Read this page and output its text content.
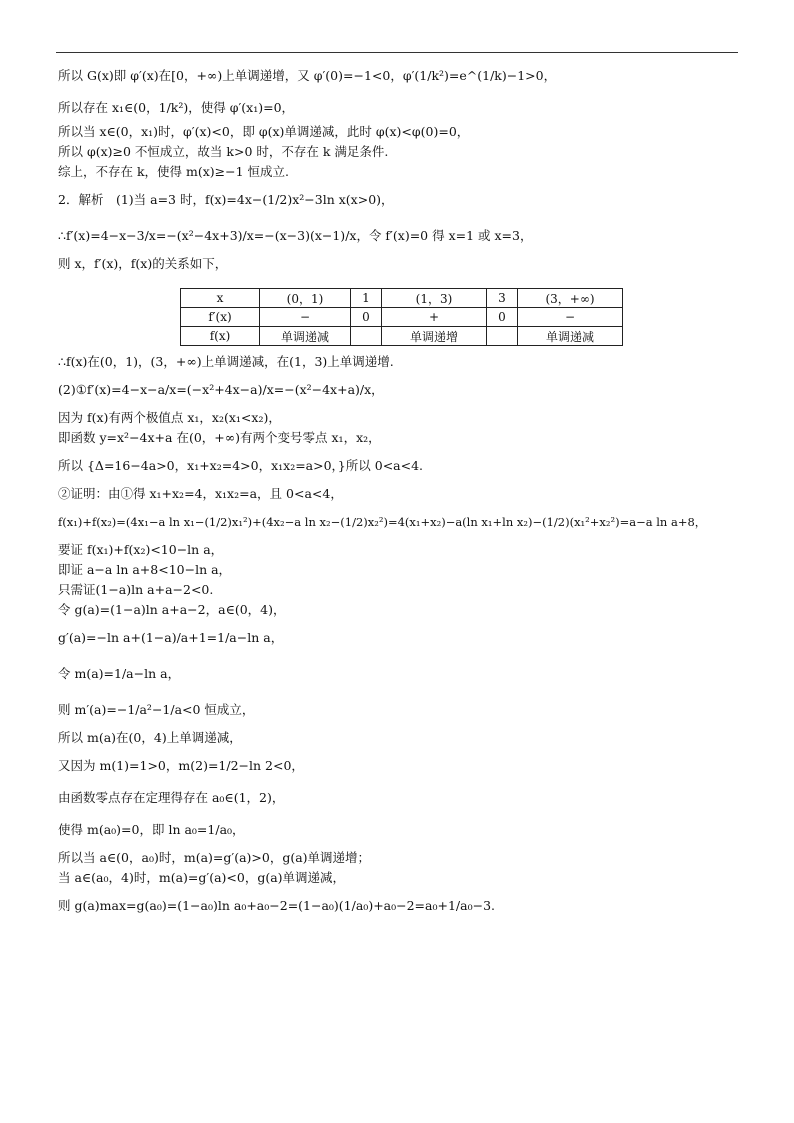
所以 G(x)即 φ′(x)在[0，+∞)上单调递增，又 φ′(0)=−1<0，φ′(1/k²)=e^(1/k)−1>0，
所以存在 x₁∈(0，1/k²)，使得 φ′(x₁)=0，
所以当 x∈(0，x₁)时，φ′(x)<0，即 φ(x)单调递减，此时 φ(x)<φ(0)=0，
所以 φ(x)≥0 不恒成立，故当 k>0 时，不存在 k 满足条件.
综上，不存在 k，使得 m(x)≥−1 恒成立.
2．解析　(1)当 a=3 时，f(x)=4x−(1/2)x²−3ln x(x>0)，
∴f′(x)=4−x−3/x=−(x²−4x+3)/x=−(x−3)(x−1)/x，令 f′(x)=0 得 x=1 或 x=3，
则 x，f′(x)，f(x)的关系如下，
x	(0，1)	1	(1，3)	3	(3，+∞)
f′(x)	−	0	+	0	−
f(x)	单调递减		单调递增		单调递减
∴f(x)在(0，1)，(3，+∞)上单调递减，在(1，3)上单调递增.
(2)①f′(x)=4−x−a/x=(−x²+4x−a)/x=−(x²−4x+a)/x，
因为 f(x)有两个极值点 x₁，x₂(x₁<x₂)，
即函数 y=x²−4x+a 在(0，+∞)有两个变号零点 x₁，x₂，
所以 {Δ=16−4a>0，x₁+x₂=4>0，x₁x₂=a>0，}所以 0<a<4.
②证明：由①得 x₁+x₂=4，x₁x₂=a，且 0<a<4，
f(x₁)+f(x₂)=(4x₁−a ln x₁−(1/2)x₁²)+(4x₂−a ln x₂−(1/2)x₂²)=4(x₁+x₂)−a(ln x₁+ln x₂)−(1/2)(x₁²+x₂²)=a−a ln a+8，
要证 f(x₁)+f(x₂)<10−ln a，
即证 a−a ln a+8<10−ln a，
只需证(1−a)ln a+a−2<0.
令 g(a)=(1−a)ln a+a−2，a∈(0，4)，
g′(a)=−ln a+(1−a)/a+1=1/a−ln a，
令 m(a)=1/a−ln a，
则 m′(a)=−1/a²−1/a<0 恒成立，
所以 m(a)在(0，4)上单调递减，
又因为 m(1)=1>0，m(2)=1/2−ln 2<0，
由函数零点存在定理得存在 a₀∈(1，2)，
使得 m(a₀)=0，即 ln a₀=1/a₀，
所以当 a∈(0，a₀)时，m(a)=g′(a)>0，g(a)单调递增；
当 a∈(a₀，4)时，m(a)=g′(a)<0，g(a)单调递减，
则 g(a)max=g(a₀)=(1−a₀)ln a₀+a₀−2=(1−a₀)(1/a₀)+a₀−2=a₀+1/a₀−3.
